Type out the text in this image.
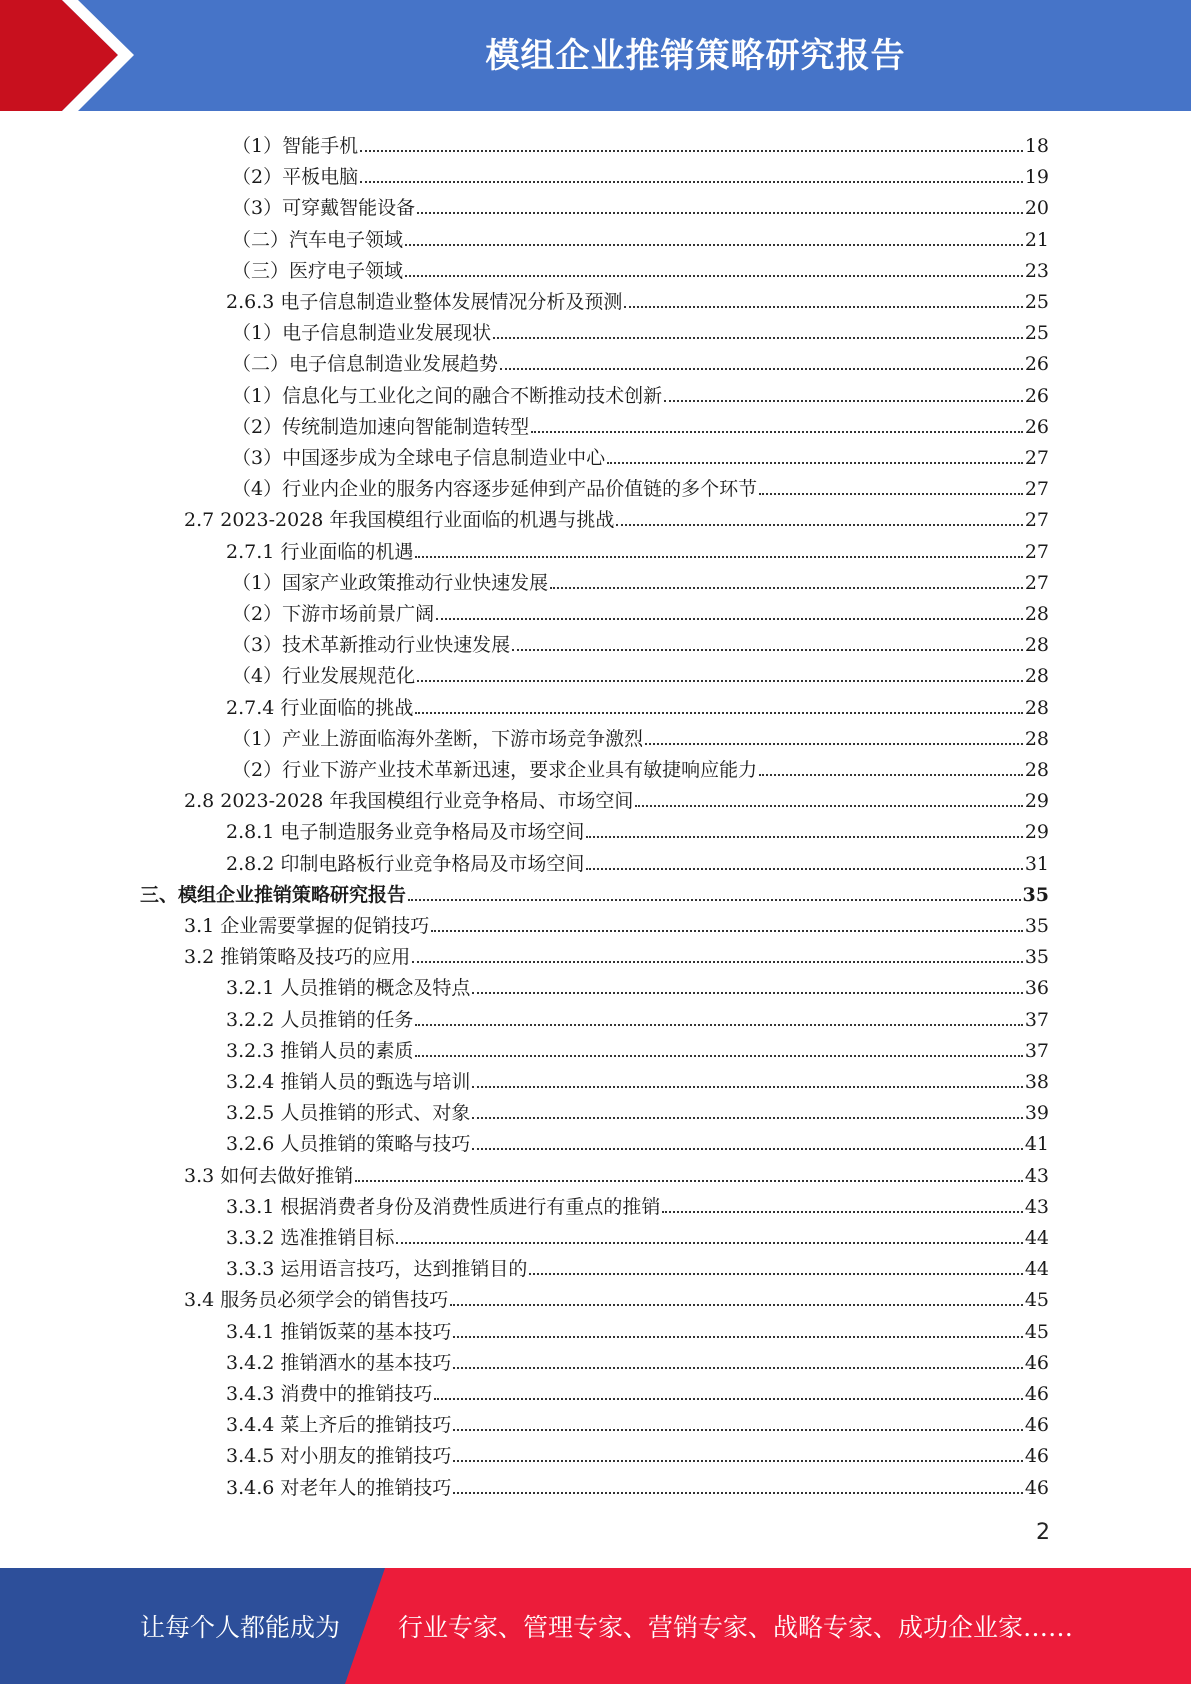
模组企业推销策略研究报告
（1）智能手机	18
（2）平板电脑	19
（3）可穿戴智能设备	20
（二）汽车电子领域	21
（三）医疗电子领域	23
2.6.3 电子信息制造业整体发展情况分析及预测	25
（1）电子信息制造业发展现状	25
（二）电子信息制造业发展趋势	26
（1）信息化与工业化之间的融合不断推动技术创新	26
（2）传统制造加速向智能制造转型	26
（3）中国逐步成为全球电子信息制造业中心	27
（4）行业内企业的服务内容逐步延伸到产品价值链的多个环节	27
2.7 2023-2028 年我国模组行业面临的机遇与挑战	27
2.7.1 行业面临的机遇	27
（1）国家产业政策推动行业快速发展	27
（2）下游市场前景广阔	28
（3）技术革新推动行业快速发展	28
（4）行业发展规范化	28
2.7.4 行业面临的挑战	28
（1）产业上游面临海外垄断，下游市场竞争激烈	28
（2）行业下游产业技术革新迅速，要求企业具有敏捷响应能力	28
2.8 2023-2028 年我国模组行业竞争格局、市场空间	29
2.8.1 电子制造服务业竞争格局及市场空间	29
2.8.2 印制电路板行业竞争格局及市场空间	31
三、模组企业推销策略研究报告	35
3.1 企业需要掌握的促销技巧	35
3.2 推销策略及技巧的应用	35
3.2.1 人员推销的概念及特点	36
3.2.2 人员推销的任务	37
3.2.3 推销人员的素质	37
3.2.4 推销人员的甄选与培训	38
3.2.5 人员推销的形式、对象	39
3.2.6 人员推销的策略与技巧	41
3.3 如何去做好推销	43
3.3.1 根据消费者身份及消费性质进行有重点的推销	43
3.3.2 选准推销目标	44
3.3.3 运用语言技巧，达到推销目的	44
3.4 服务员必须学会的销售技巧	45
3.4.1 推销饭菜的基本技巧	45
3.4.2 推销酒水的基本技巧	46
3.4.3 消费中的推销技巧	46
3.4.4 菜上齐后的推销技巧	46
3.4.5 对小朋友的推销技巧	46
3.4.6 对老年人的推销技巧	46
2
让每个人都能成为 行业专家、管理专家、营销专家、战略专家、成功企业家……
